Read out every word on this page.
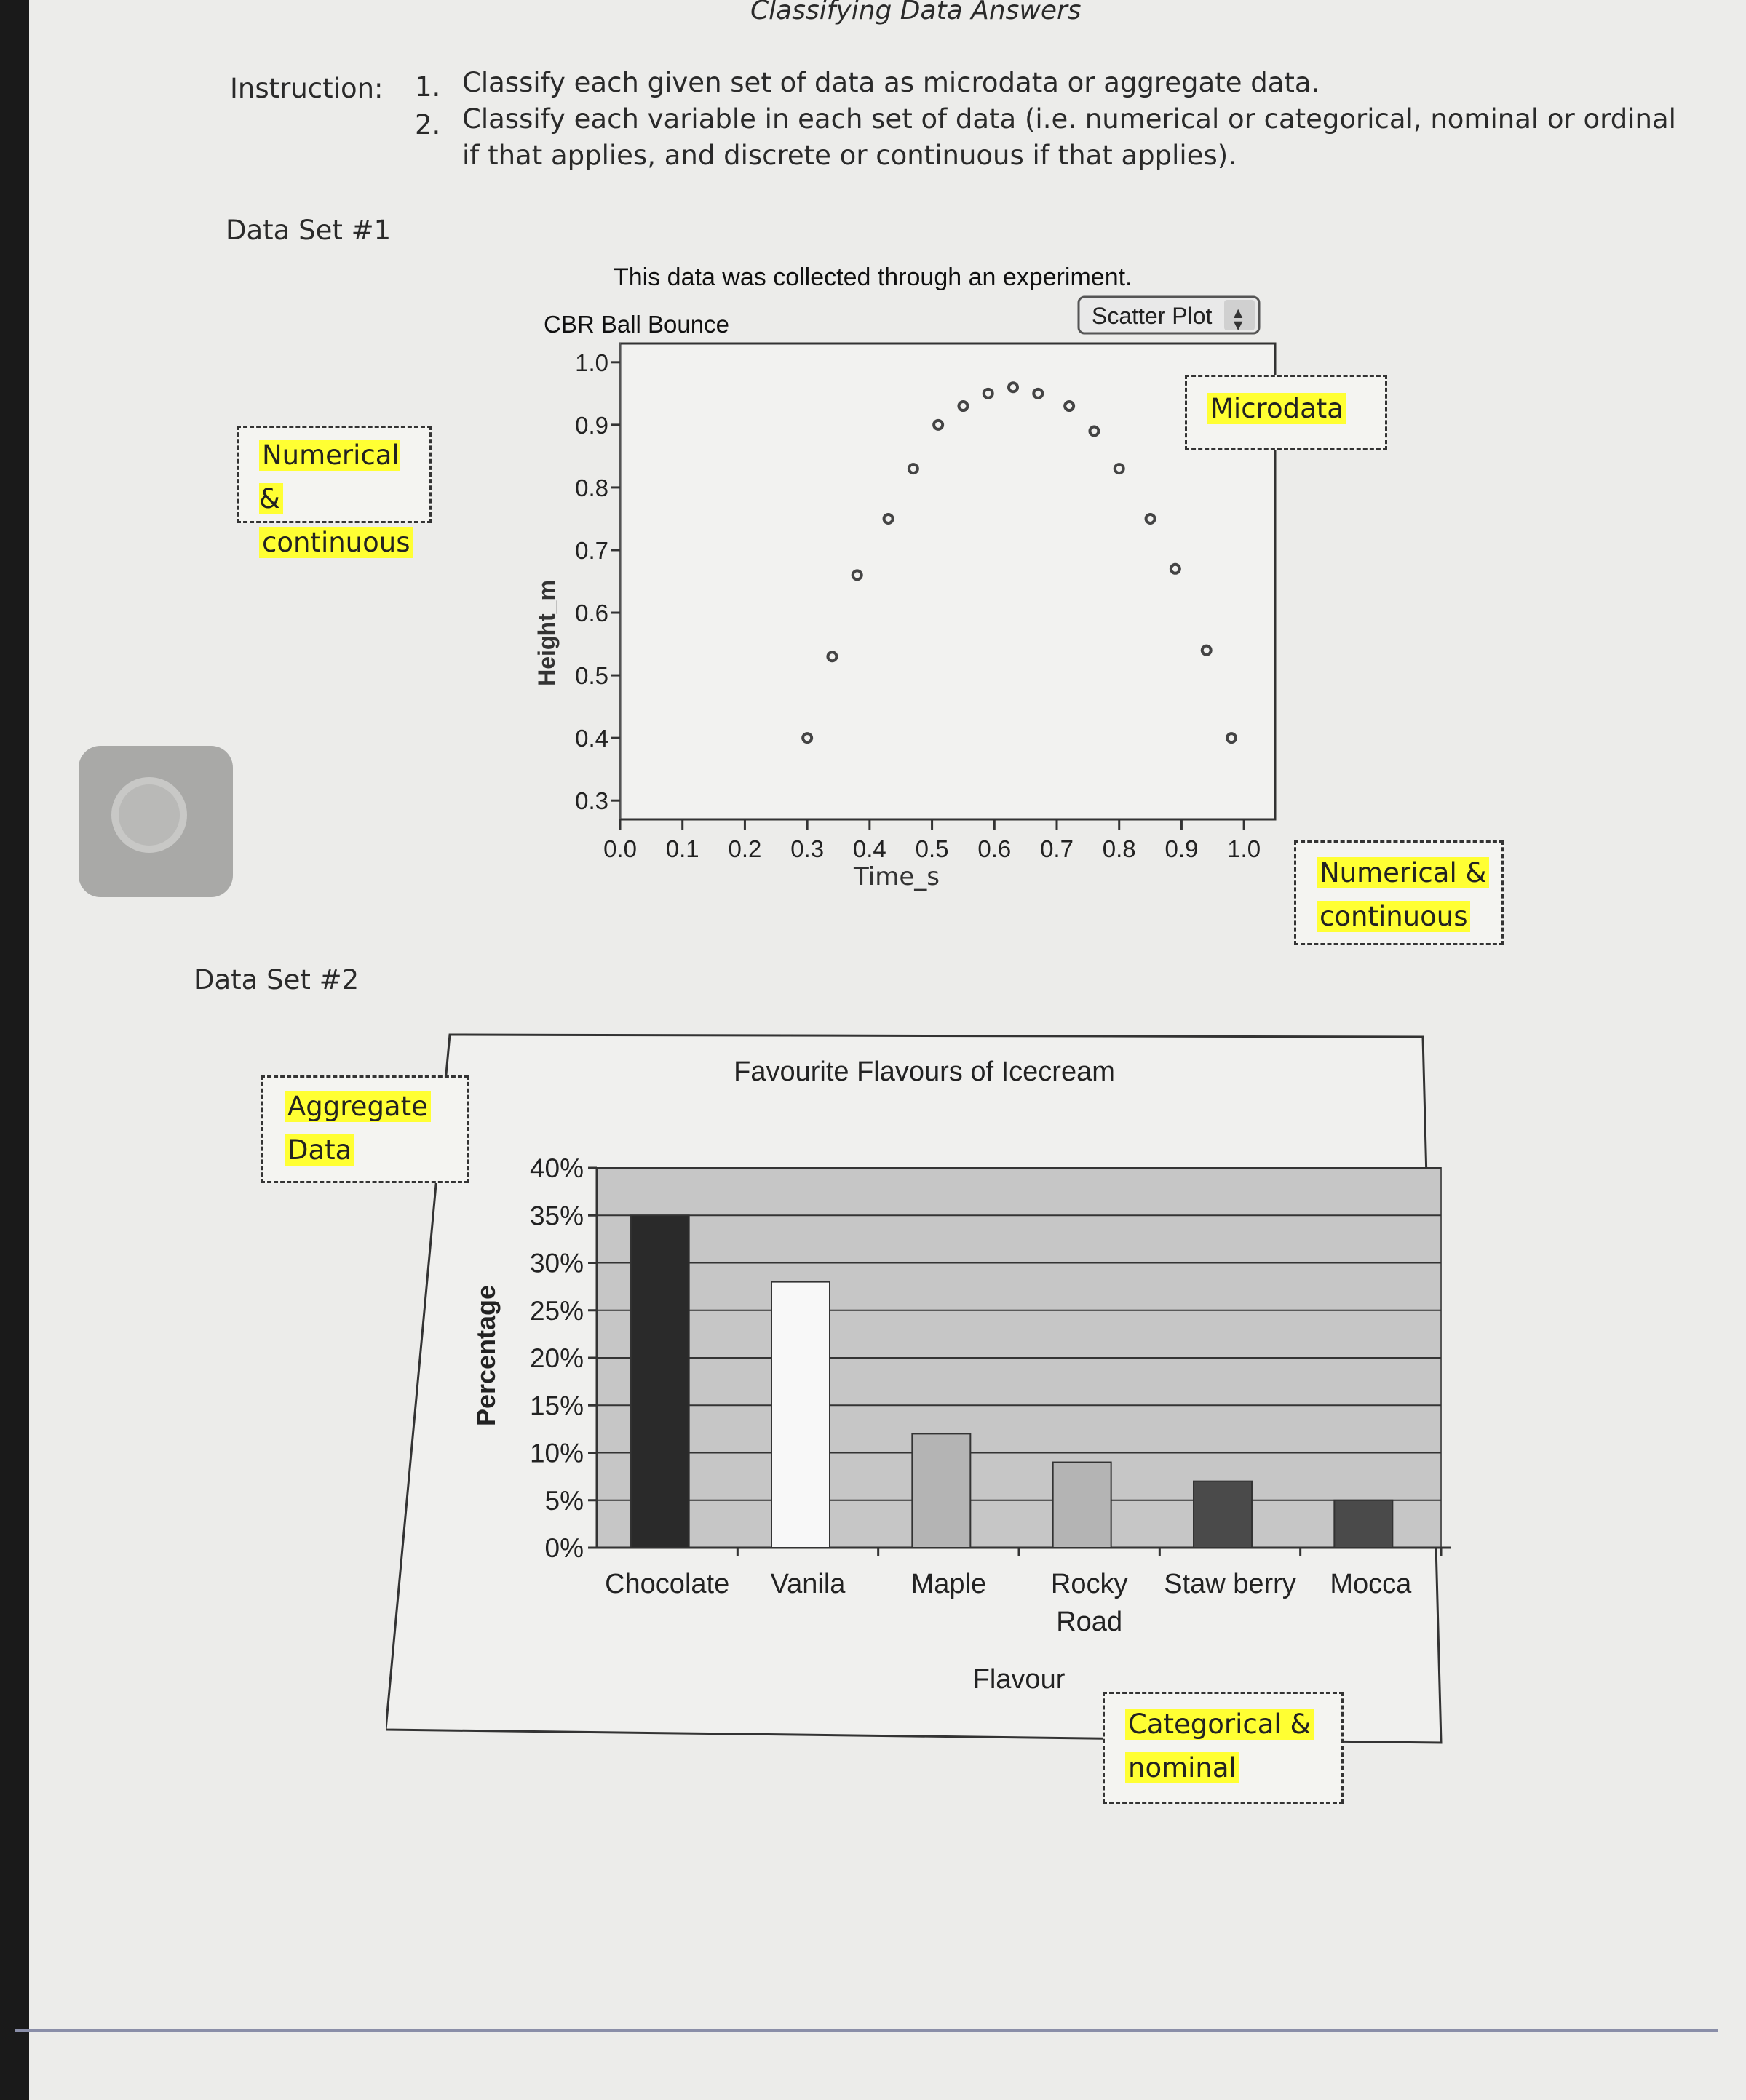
Classifying Data Answers
Instruction: 1. Classify each given set of data as microdata or aggregate data.
2. Classify each variable in each set of data (i.e. numerical or categorical, nominal or ordinal
if that applies, and discrete or continuous if that applies).
Data Set #1
This data was collected through an experiment.
CBR Ball Bounce	Scatter Plot ▲
▼
0.3
0.4
0.5
0.6
0.7
0.8
0.9
1.0
0.0 0.1 0.2 0.3 0.4 0.5 0.6 0.7 0.8 0.9 1.0
Time_s
Height_m
Numerical &
continuous
Microdata
Numerical &
continuous
Data Set #2
Favourite Flavours of Icecream
0%
5%
10%
15%
20%
25%
30%
35%
40%
Chocolate Vanila Maple Rocky
Road
Staw berry Mocca
Flavour
Percentage
Aggregate
Data
Categorical &
nominal
